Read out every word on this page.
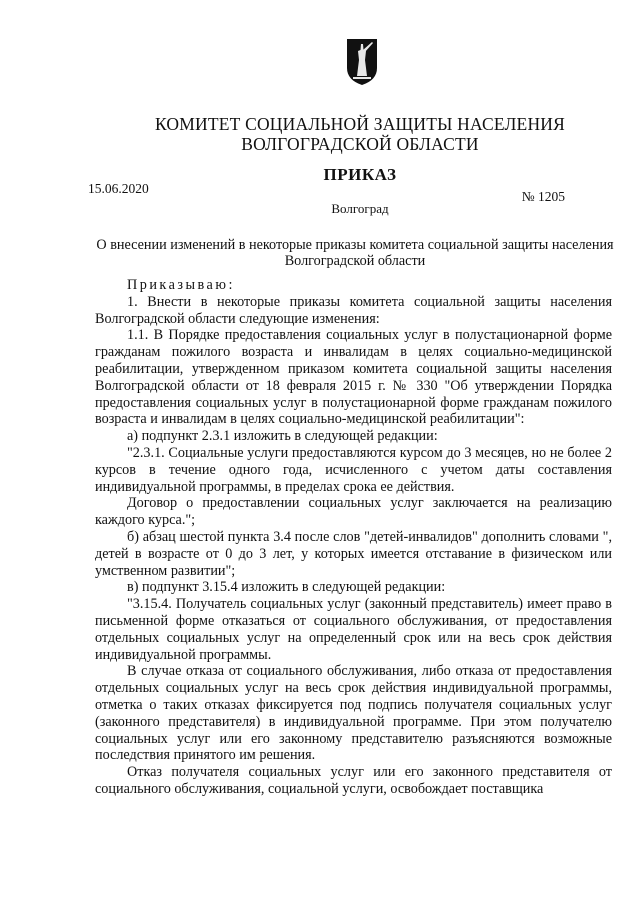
КОМИТЕТ СОЦИАЛЬНОЙ ЗАЩИТЫ НАСЕЛЕНИЯ
ВОЛГОГРАДСКОЙ ОБЛАСТИ
ПРИКАЗ
15.06.2020
№ 1205
Волгоград
О внесении изменений в некоторые приказы комитета социальной защиты населения Волгоградской области

Приказываю:

1. Внести в некоторые приказы комитета социальной защиты населения Волгоградской области следующие изменения:

1.1. В Порядке предоставления социальных услуг в полустационарной форме гражданам пожилого возраста и инвалидам в целях социально-медицинской реабилитации, утвержденном приказом комитета социальной защиты населения Волгоградской области от 18 февраля 2015 г. № 330 "Об утверждении Порядка предоставления социальных услуг в полустационарной форме гражданам пожилого возраста и инвалидам в целях социально-медицинской реабилитации":

а) подпункт 2.3.1 изложить в следующей редакции:

"2.3.1. Социальные услуги предоставляются курсом до 3 месяцев, но не более 2 курсов в течение одного года, исчисленного с учетом даты составления индивидуальной программы, в пределах срока ее действия.

Договор о предоставлении социальных услуг заключается на реализацию каждого курса.";

б) абзац шестой пункта 3.4 после слов "детей-инвалидов" дополнить словами ", детей в возрасте от 0 до 3 лет, у которых имеется отставание в физическом или умственном развитии";

в) подпункт 3.15.4 изложить в следующей редакции:

"3.15.4. Получатель социальных услуг (законный представитель) имеет право в письменной форме отказаться от социального обслуживания, от предоставления отдельных социальных услуг на определенный срок или на весь срок действия индивидуальной программы.

В случае отказа от социального обслуживания, либо отказа от предоставления отдельных социальных услуг на весь срок действия индивидуальной программы, отметка о таких отказах фиксируется под подпись получателя социальных услуг (законного представителя) в индивидуальной программе. При этом получателю социальных услуг или его законному представителю разъясняются возможные последствия принятого им решения.

Отказ получателя социальных услуг или его законного представителя от социального обслуживания, социальной услуги, освобождает поставщика
